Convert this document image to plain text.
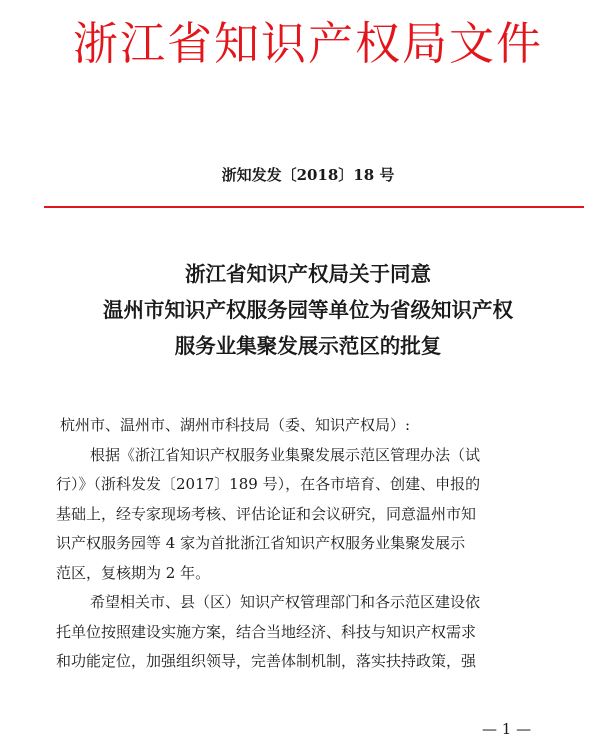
浙江省知识产权局文件
浙知发发〔2018〕18 号
浙江省知识产权局关于同意
温州市知识产权服务园等单位为省级知识产权
服务业集聚发展示范区的批复
杭州市、温州市、湖州市科技局（委、知识产权局）:
根据《浙江省知识产权服务业集聚发展示范区管理办法（试
行）》（浙科发发〔2017〕189 号），在各市培育、创建、申报的
基础上，经专家现场考核、评估论证和会议研究，同意温州市知
识产权服务园等 4 家为首批浙江省知识产权服务业集聚发展示
范区，复核期为 2 年。
希望相关市、县（区）知识产权管理部门和各示范区建设依
托单位按照建设实施方案，结合当地经济、科技与知识产权需求
和功能定位，加强组织领导，完善体制机制，落实扶持政策，强
— 1 —
